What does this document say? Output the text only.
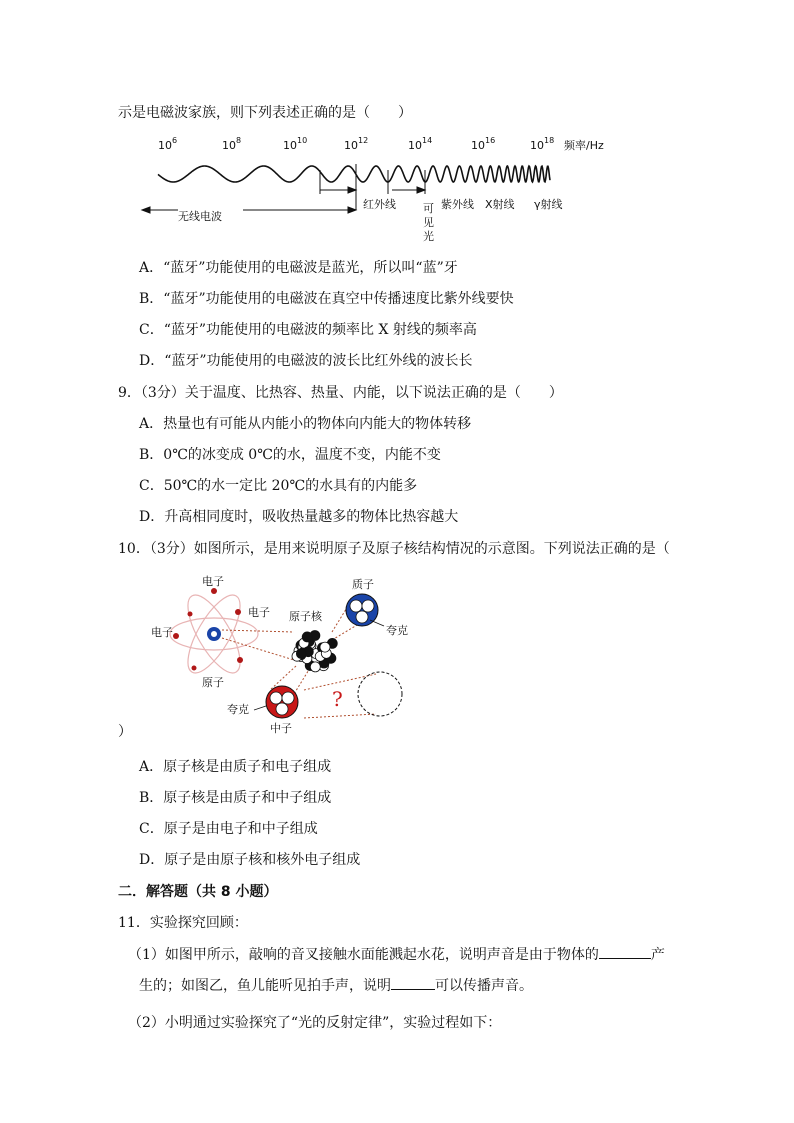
示是电磁波家族，则下列表述正确的是（　　）
$10^6$	$10^8$	$10^{10}$	$10^{12}$	$10^{14}$	$10^{16}$	$10^{18}$ 频率/Hz
无线电波
红外线 可
见
光
紫外线 X射线 γ射线
A．“蓝牙”功能使用的电磁波是蓝光，所以叫“蓝”牙
B．“蓝牙”功能使用的电磁波在真空中传播速度比紫外线要快
C．“蓝牙”功能使用的电磁波的频率比 X 射线的频率高
D．“蓝牙”功能使用的电磁波的波长比红外线的波长长
9．（3分）关于温度、比热容、热量、内能，以下说法正确的是（　　）
A．热量也有可能从内能小的物体向内能大的物体转移
B．0℃的冰变成 0℃的水，温度不变，内能不变
C．50℃的水一定比 20℃的水具有的内能多
D．升高相同度时，吸收热量越多的物体比热容越大
10．（3分）如图所示，是用来说明原子及原子核结构情况的示意图。下列说法正确的是（
电子
电子
电子
原子
原子核
质子
夸克
夸克
中子
?
）
A．原子核是由质子和电子组成
B．原子核是由质子和中子组成
C．原子是由电子和中子组成
D．原子是由原子核和核外电子组成
二．解答题（共 8 小题）
11．实验探究回顾：
（1）如图甲所示，敲响的音叉接触水面能溅起水花，说明声音是由于物体的	产
生的；如图乙，鱼儿能听见拍手声，说明	可以传播声音。
（2）小明通过实验探究了“光的反射定律”，实验过程如下：
